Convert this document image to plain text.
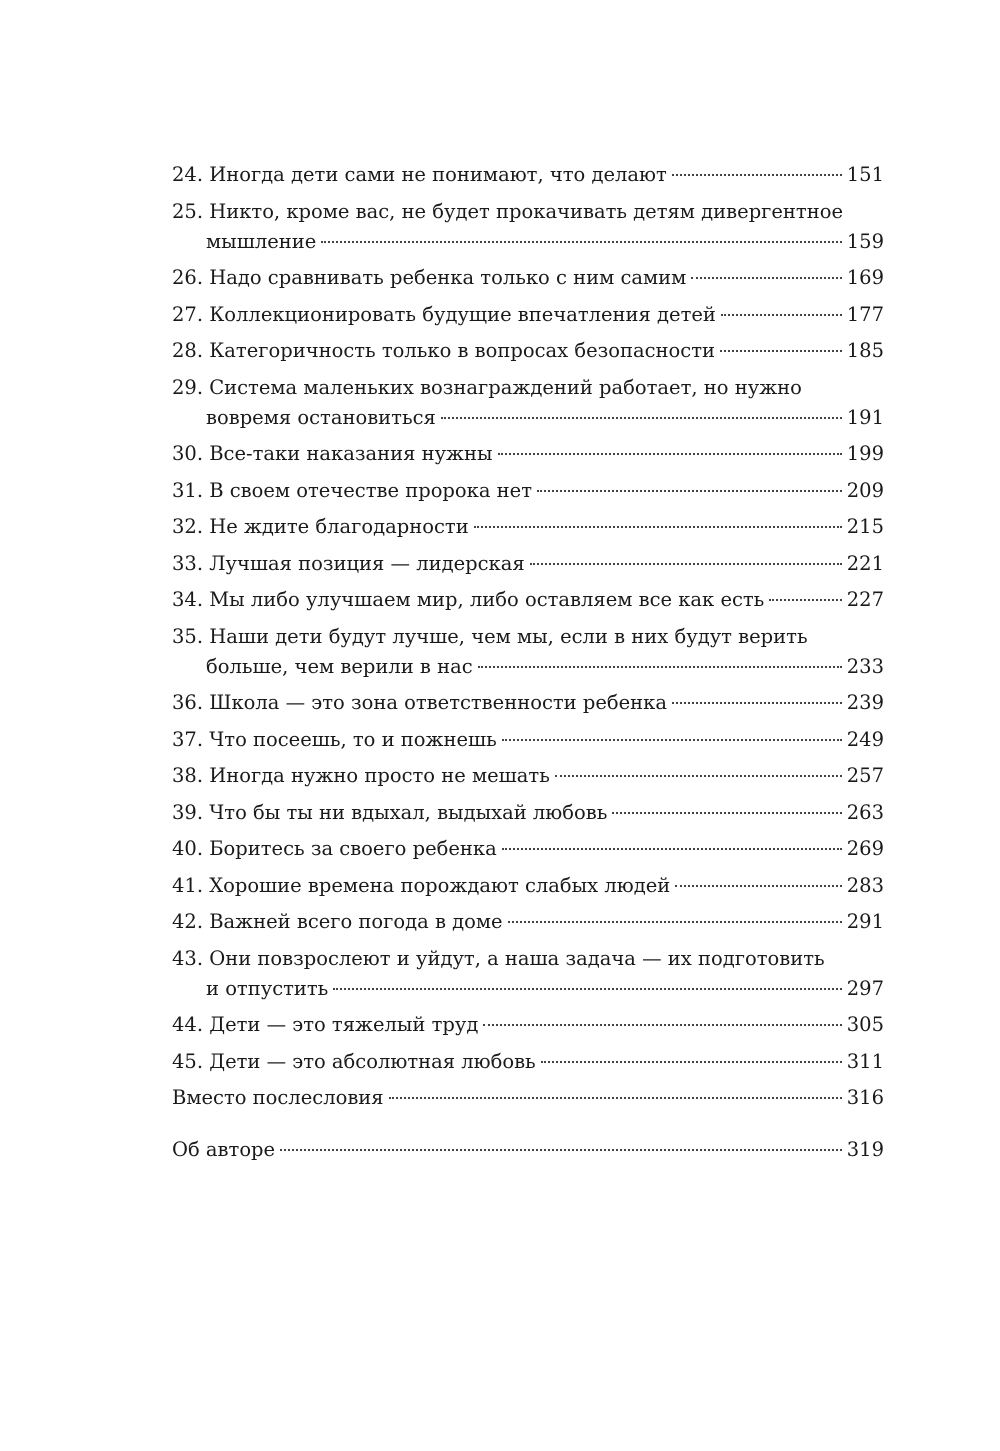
24. Иногда дети сами не понимают, что делают	151
25. Никто, кроме вас, не будет прокачивать детям дивергентное
мышление	159
26. Надо сравнивать ребенка только с ним самим	169
27. Коллекционировать будущие впечатления детей	177
28. Категоричность только в вопросах безопасности	185
29. Система маленьких вознаграждений работает, но нужно
вовремя остановиться	191
30. Все-таки наказания нужны	199
31. В своем отечестве пророка нет	209
32. Не ждите благодарности	215
33. Лучшая позиция — лидерская	221
34. Мы либо улучшаем мир, либо оставляем все как есть	227
35. Наши дети будут лучше, чем мы, если в них будут верить
больше, чем верили в нас	233
36. Школа — это зона ответственности ребенка	239
37. Что посеешь, то и пожнешь	249
38. Иногда нужно просто не мешать	257
39. Что бы ты ни вдыхал, выдыхай любовь	263
40. Боритесь за своего ребенка	269
41. Хорошие времена порождают слабых людей	283
42. Важней всего погода в доме	291
43. Они повзрослеют и уйдут, а наша задача — их подготовить
и отпустить	297
44. Дети — это тяжелый труд	305
45. Дети — это абсолютная любовь	311
Вместо послесловия	316
Об авторе	319
